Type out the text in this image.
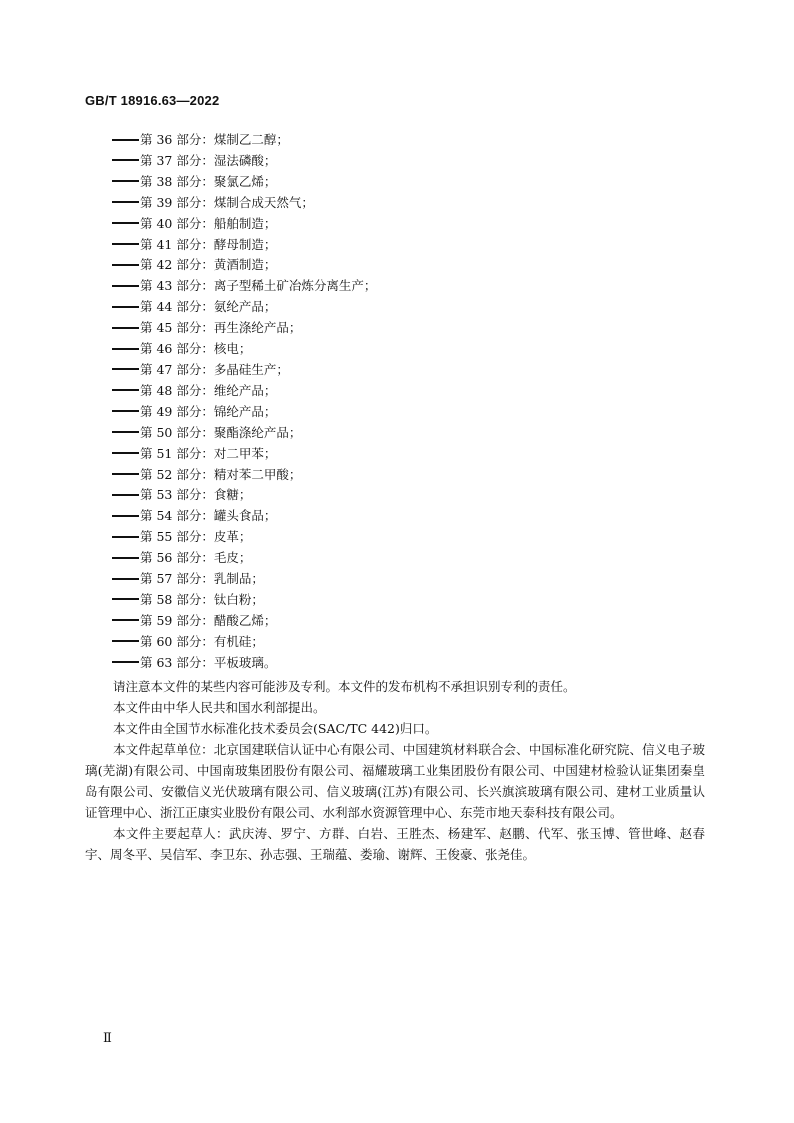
GB/T 18916.63—2022
第 36 部分：煤制乙二醇；
第 37 部分：湿法磷酸；
第 38 部分：聚氯乙烯；
第 39 部分：煤制合成天然气；
第 40 部分：船舶制造；
第 41 部分：酵母制造；
第 42 部分：黄酒制造；
第 43 部分：离子型稀土矿冶炼分离生产；
第 44 部分：氨纶产品；
第 45 部分：再生涤纶产品；
第 46 部分：核电；
第 47 部分：多晶硅生产；
第 48 部分：维纶产品；
第 49 部分：锦纶产品；
第 50 部分：聚酯涤纶产品；
第 51 部分：对二甲苯；
第 52 部分：精对苯二甲酸；
第 53 部分：食糖；
第 54 部分：罐头食品；
第 55 部分：皮革；
第 56 部分：毛皮；
第 57 部分：乳制品；
第 58 部分：钛白粉；
第 59 部分：醋酸乙烯；
第 60 部分：有机硅；
第 63 部分：平板玻璃。

请注意本文件的某些内容可能涉及专利。本文件的发布机构不承担识别专利的责任。

本文件由中华人民共和国水利部提出。

本文件由全国节水标准化技术委员会(SAC/TC 442)归口。

本文件起草单位：北京国建联信认证中心有限公司、中国建筑材料联合会、中国标准化研究院、信义电子玻璃(芜湖)有限公司、中国南玻集团股份有限公司、福耀玻璃工业集团股份有限公司、中国建材检验认证集团秦皇岛有限公司、安徽信义光伏玻璃有限公司、信义玻璃(江苏)有限公司、长兴旗滨玻璃有限公司、建材工业质量认证管理中心、浙江正康实业股份有限公司、水利部水资源管理中心、东莞市地天泰科技有限公司。

本文件主要起草人：武庆涛、罗宁、方群、白岩、王胜杰、杨建军、赵鹏、代军、张玉博、管世峰、赵春宇、周冬平、吴信军、李卫东、孙志强、王瑞蕴、娄瑜、谢辉、王俊豪、张尧佳。

Ⅱ
